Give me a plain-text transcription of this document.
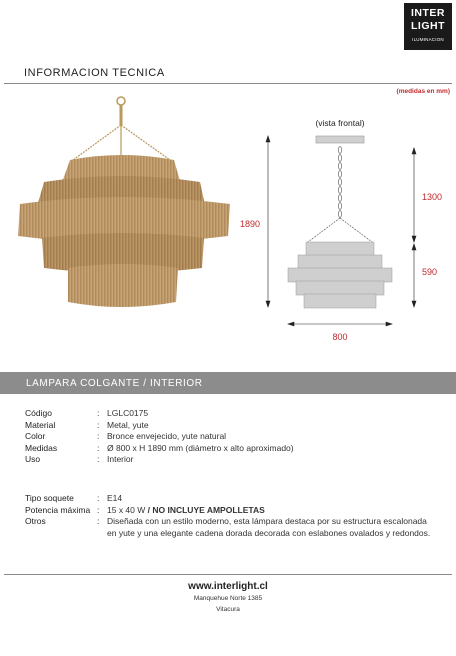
INTER
LIGHT
ILUMINACION
INFORMACION TECNICA
(medidas en mm)
(vista frontal)
1890
1300
590
800
LAMPARA COLGANTE / INTERIOR
Código	: LGLC0175
Material	: Metal, yute
Color	: Bronce envejecido, yute natural
Medidas	: Ø 800 x H 1890 mm (diámetro x alto aproximado)
Uso	: Interior
Tipo soquete	: E14
Potencia máxima : 15 x 40 W / NO INCLUYE AMPOLLETAS
Otros	: Diseñada con un estilo moderno, esta lámpara destaca por su estructura escalonada en yute y una elegante cadena dorada decorada con eslabones ovalados y redondos.
www.interlight.cl
Manquehue Norte 1385
Vitacura
